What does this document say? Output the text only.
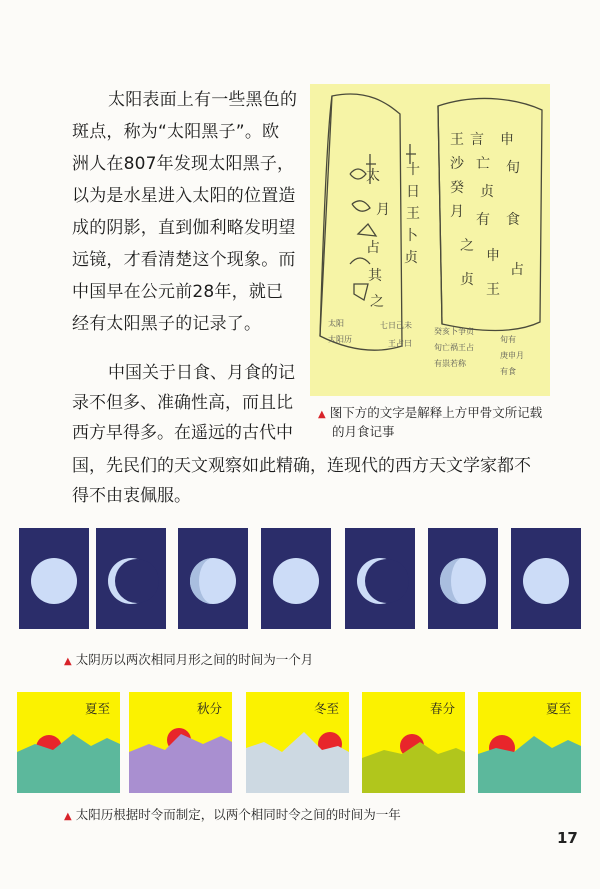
太阳表面上有一些黑色的
斑点，称为“太阳黑子”。欧
洲人在807年发现太阳黑子，
以为是水星进入太阳的位置造
成的阴影，直到伽利略发明望
远镜，才看清楚这个现象。而
中国早在公元前28年，就已
经有太阳黑子的记录了。
中国关于日食、月食的记
录不但多、准确性高，而且比
西方早得多。在遥远的古代中
国，先民们的天文观察如此精确，连现代的西方天文学家都不
得不由衷佩服。
太
月
十
日
王
卜
贞
占
其
之
王 言 申
沙 亡 旬
癸 贞
月 有 食
之
申
占
贞
王
太阳
太阳历
七日己未
王占曰
癸亥卜争贞
旬亡祸王占
有祟若称
旬有
庚申月
有食
▲ 图下方的文字是解释上方甲骨文所记载
的月食记事
▲ 太阴历以两次相同月形之间的时间为一个月
夏至	秋分	冬至	春分	夏至
▲ 太阳历根据时令而制定，以两个相同时令之间的时间为一年
17
